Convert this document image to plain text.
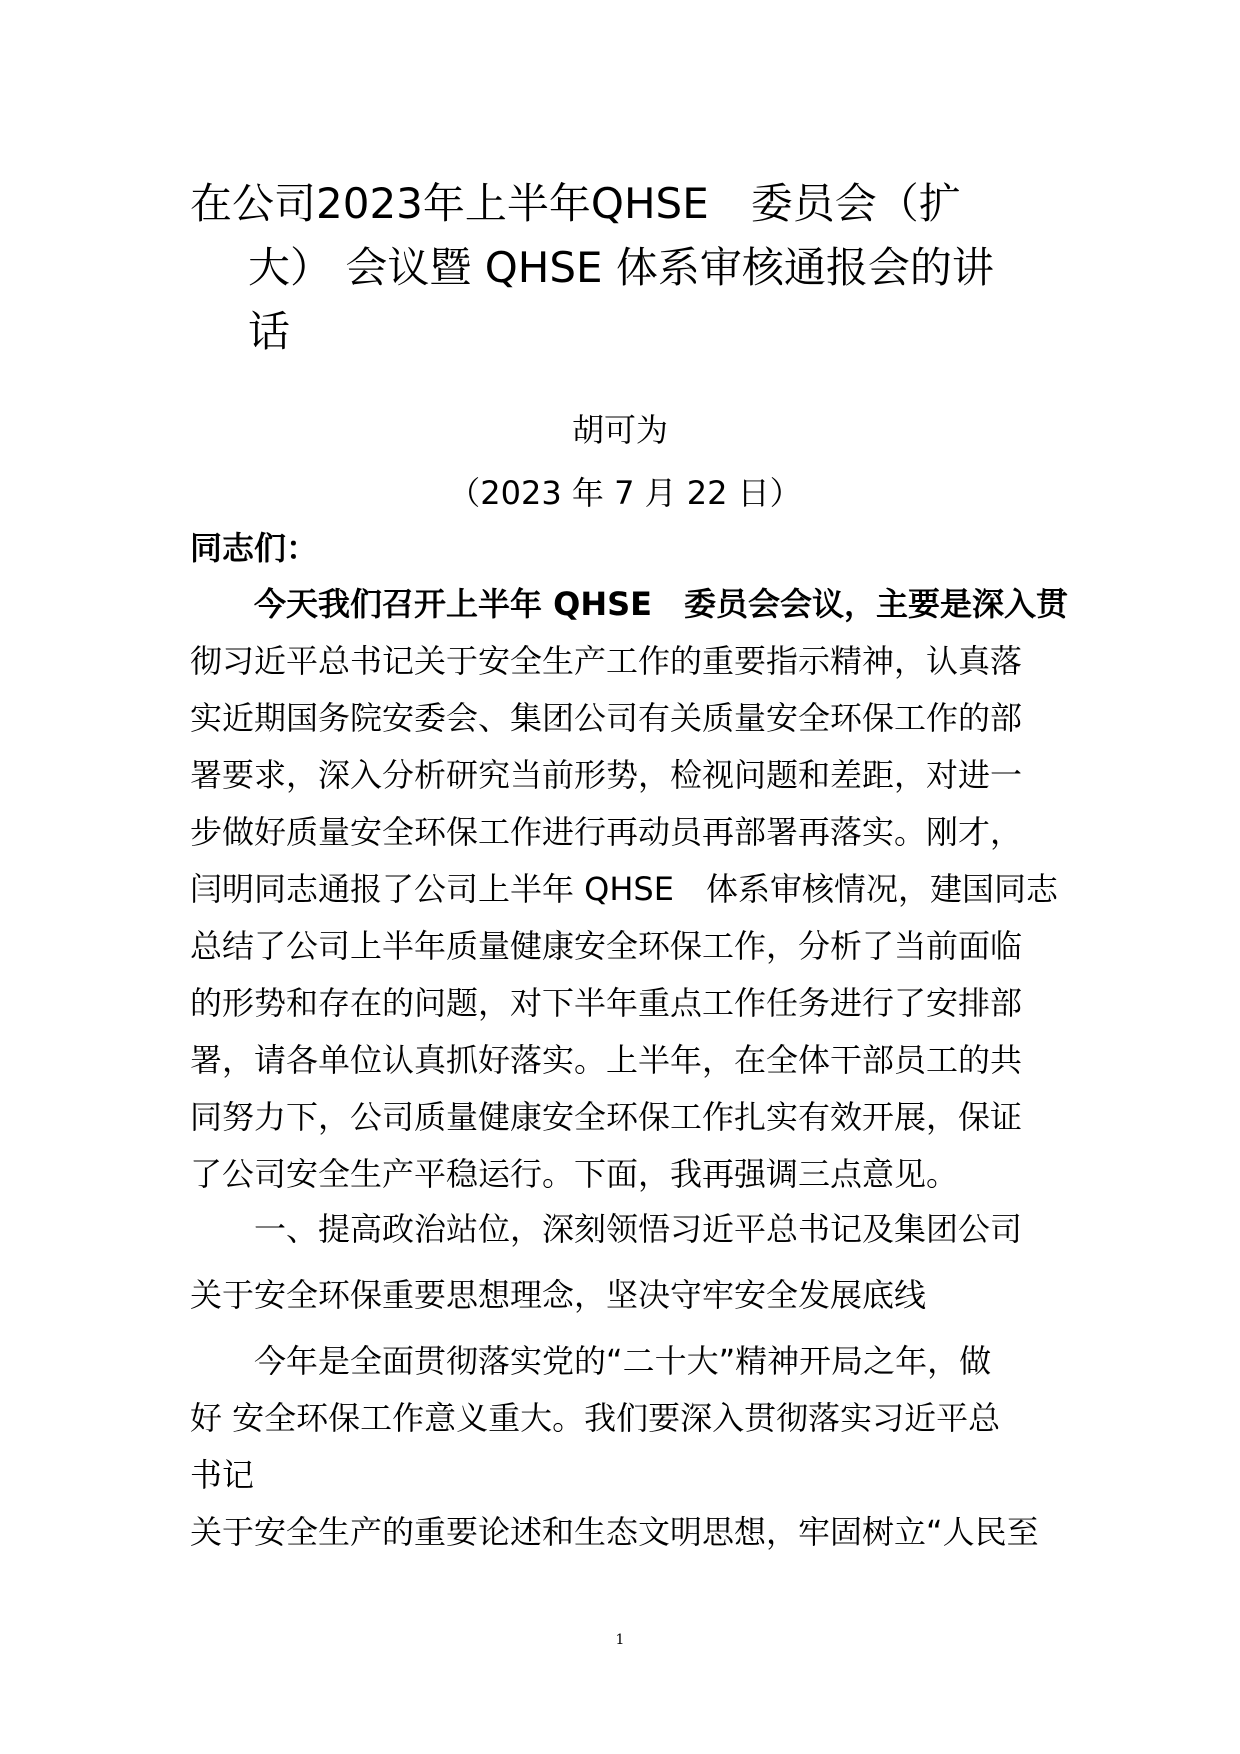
在公司2023年上半年QHSE　委员会（扩
大） 会议暨 QHSE 体系审核通报会的讲
话

胡可为

（2023 年 7 月 22 日）

同志们：

今天我们召开上半年 QHSE　委员会会议，主要是深入贯
彻习近平总书记关于安全生产工作的重要指示精神，认真落
实近期国务院安委会、集团公司有关质量安全环保工作的部
署要求，深入分析研究当前形势，检视问题和差距，对进一
步做好质量安全环保工作进行再动员再部署再落实。刚才，
闫明同志通报了公司上半年 QHSE　体系审核情况，建国同志
总结了公司上半年质量健康安全环保工作，分析了当前面临
的形势和存在的问题，对下半年重点工作任务进行了安排部
署，请各单位认真抓好落实。上半年，在全体干部员工的共
同努力下，公司质量健康安全环保工作扎实有效开展，保证
了公司安全生产平稳运行。下面，我再强调三点意见。
一、提高政治站位，深刻领悟习近平总书记及集团公司
关于安全环保重要思想理念，坚决守牢安全发展底线
今年是全面贯彻落实党的“二十大”精神开局之年，做
好 安全环保工作意义重大。我们要深入贯彻落实习近平总
书记
关于安全生产的重要论述和生态文明思想，牢固树立“人民至

1
